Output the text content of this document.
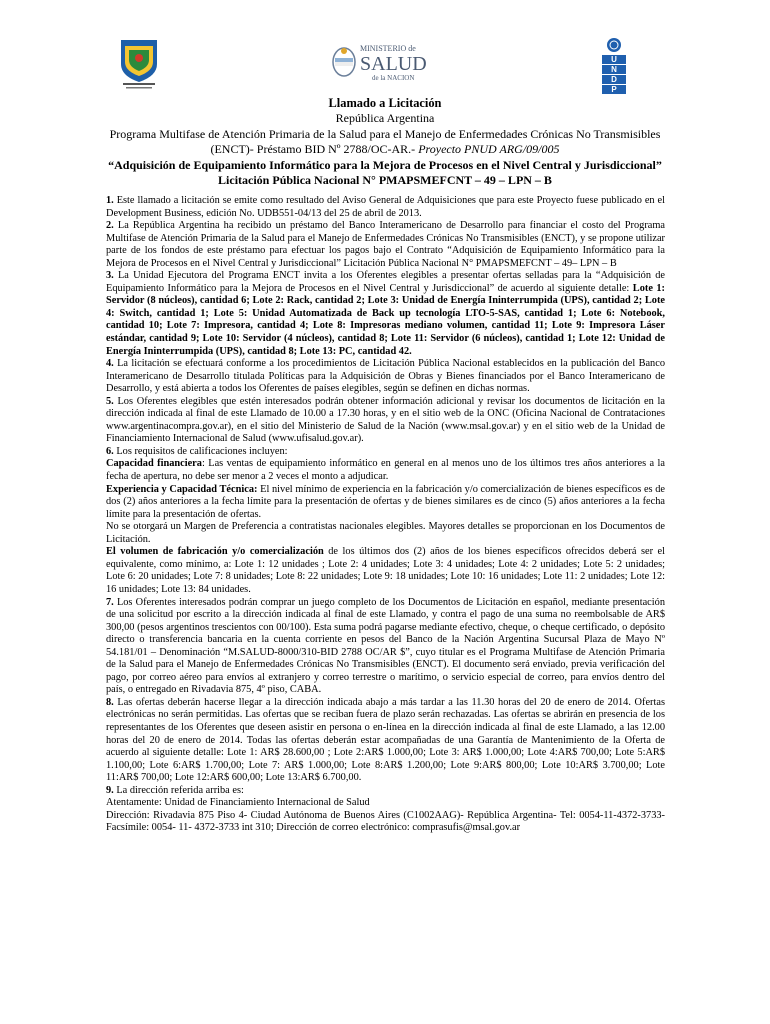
MINISTERIO de
SALUD
de la NACION
U
N
D
P
Llamado a Licitación
República Argentina
Programa Multifase de Atención Primaria de la Salud para el Manejo de Enfermedades Crónicas No Transmisibles (ENCT)- Préstamo BID Nº 2788/OC-AR.- Proyecto PNUD ARG/09/005
“Adquisición de Equipamiento Informático para la Mejora de Procesos en el Nivel Central y Jurisdiccional”
Licitación Pública Nacional N° PMAPSMEFCNT – 49 – LPN – B

1. Este llamado a licitación se emite como resultado del Aviso General de Adquisiciones que para este Proyecto fuese publicado en el Development Business, edición No. UDB551-04/13 del 25 de abril de 2013.

2. La República Argentina ha recibido un préstamo del Banco Interamericano de Desarrollo para financiar el costo del Programa Multifase de Atención Primaria de la Salud para el Manejo de Enfermedades Crónicas No Transmisibles (ENCT), y se propone utilizar parte de los fondos de este préstamo para efectuar los pagos bajo el Contrato “Adquisición de Equipamiento Informático para la Mejora de Procesos en el Nivel Central y Jurisdiccional” Licitación Pública Nacional N° PMAPSMEFCNT – 49– LPN – B

3. La Unidad Ejecutora del Programa ENCT invita a los Oferentes elegibles a presentar ofertas selladas para la “Adquisición de Equipamiento Informático para la Mejora de Procesos en el Nivel Central y Jurisdiccional” de acuerdo al siguiente detalle: Lote 1: Servidor (8 núcleos), cantidad 6; Lote 2: Rack, cantidad 2; Lote 3: Unidad de Energía Ininterrumpida (UPS), cantidad 2; Lote 4: Switch, cantidad 1; Lote 5: Unidad Automatizada de Back up tecnología LTO-5-SAS, cantidad 1; Lote 6: Notebook, cantidad 10; Lote 7: Impresora, cantidad 4; Lote 8: Impresoras mediano volumen, cantidad 11; Lote 9: Impresora Láser estándar, cantidad 9; Lote 10: Servidor (4 núcleos), cantidad 8; Lote 11: Servidor (6 núcleos), cantidad 1; Lote 12: Unidad de Energía Ininterrumpida (UPS), cantidad 8; Lote 13: PC, cantidad 42.

4. La licitación se efectuará conforme a los procedimientos de Licitación Pública Nacional establecidos en la publicación del Banco Interamericano de Desarrollo titulada Políticas para la Adquisición de Obras y Bienes financiados por el Banco Interamericano de Desarrollo, y está abierta a todos los Oferentes de países elegibles, según se definen en dichas normas.

5. Los Oferentes elegibles que estén interesados podrán obtener información adicional y revisar los documentos de licitación en la dirección indicada al final de este Llamado de 10.00 a 17.30 horas, y en el sitio web de la ONC (Oficina Nacional de Contrataciones www.argentinacompra.gov.ar), en el sitio del Ministerio de Salud de la Nación (www.msal.gov.ar) y en el sitio web de la Unidad de Financiamiento Internacional de Salud (www.ufisalud.gov.ar).

6. Los requisitos de calificaciones incluyen:

Capacidad financiera: Las ventas de equipamiento informático en general en al menos uno de los últimos tres años anteriores a la fecha de apertura, no debe ser menor a 2 veces el monto a adjudicar.

Experiencia y Capacidad Técnica: El nivel mínimo de experiencia en la fabricación y/o comercialización de bienes específicos es de dos (2) años anteriores a la fecha límite para la presentación de ofertas y de bienes similares es de cinco (5) años anteriores a la fecha límite para la presentación de ofertas.

No se otorgará un Margen de Preferencia a contratistas nacionales elegibles. Mayores detalles se proporcionan en los Documentos de Licitación.

El volumen de fabricación y/o comercialización de los últimos dos (2) años de los bienes específicos ofrecidos deberá ser el equivalente, como mínimo, a: Lote 1: 12 unidades ; Lote 2: 4 unidades; Lote 3: 4 unidades; Lote 4: 2 unidades; Lote 5: 2 unidades; Lote 6: 20 unidades; Lote 7: 8 unidades; Lote 8: 22 unidades; Lote 9: 18 unidades; Lote 10: 16 unidades; Lote 11: 2 unidades; Lote 12: 16 unidades; Lote 13: 84 unidades.

7. Los Oferentes interesados podrán comprar un juego completo de los Documentos de Licitación en español, mediante presentación de una solicitud por escrito a la dirección indicada al final de este Llamado, y contra el pago de una suma no reembolsable de AR$ 300,00 (pesos argentinos trescientos con 00/100). Esta suma podrá pagarse mediante efectivo, cheque, o cheque certificado, o depósito directo o transferencia bancaria en la cuenta corriente en pesos del Banco de la Nación Argentina Sucursal Plaza de Mayo Nº 54.181/01 – Denominación “M.SALUD-8000/310-BID 2788 OC/AR $”, cuyo titular es el Programa Multifase de Atención Primaria de la Salud para el Manejo de Enfermedades Crónicas No Transmisibles (ENCT). El documento será enviado, previa verificación del pago, por correo aéreo para envíos al extranjero y correo terrestre o marítimo, o servicio especial de correo, para envíos dentro del país, o entregado en Rivadavia 875, 4º piso, CABA.

8. Las ofertas deberán hacerse llegar a la dirección indicada abajo a más tardar a las 11.30 horas del 20 de enero de 2014. Ofertas electrónicas no serán permitidas. Las ofertas que se reciban fuera de plazo serán rechazadas. Las ofertas se abrirán en presencia de los representantes de los Oferentes que deseen asistir en persona o en-línea en la dirección indicada al final de este Llamado, a las 12.00 horas del 20 de enero de 2014. Todas las ofertas deberán estar acompañadas de una Garantía de Mantenimiento de la Oferta de acuerdo al siguiente detalle: Lote 1: AR$ 28.600,00 ; Lote 2:AR$ 1.000,00; Lote 3: AR$ 1.000,00; Lote 4:AR$ 700,00; Lote 5:AR$ 1.100,00; Lote 6:AR$ 1.700,00; Lote 7: AR$ 1.000,00; Lote 8:AR$ 1.200,00; Lote 9:AR$ 800,00; Lote 10:AR$ 3.700,00; Lote 11:AR$ 700,00; Lote 12:AR$ 600,00; Lote 13:AR$ 6.700,00.

9. La dirección referida arriba es:

Atentamente: Unidad de Financiamiento Internacional de Salud

Dirección: Rivadavia 875 Piso 4- Ciudad Autónoma de Buenos Aires (C1002AAG)- República Argentina- Tel: 0054-11-4372-3733- Facsímile: 0054- 11- 4372-3733 int 310; Dirección de correo electrónico: comprasufis@msal.gov.ar
